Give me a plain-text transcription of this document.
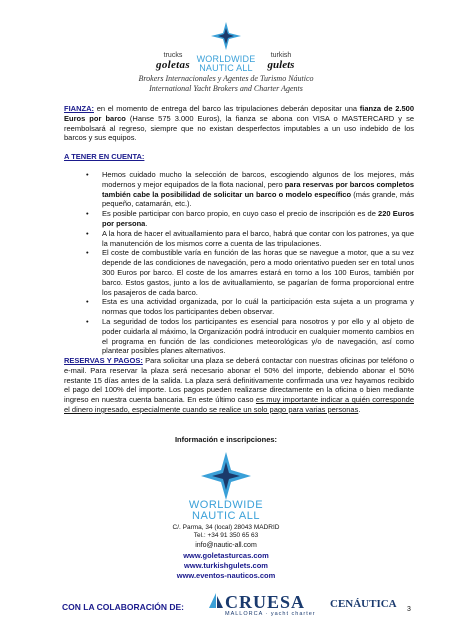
trucks
goletas WORLDWIDE
NAUTIC ALL
turkish
gulets
Brokers Internacionales y Agentes de Turismo Náutico
International Yacht Brokers and Charter Agents
FIANZA: en el momento de entrega del barco las tripulaciones deberán depositar una fianza de 2.500 Euros por barco (Hanse 575 3.000 Euros), la fianza se abona con VISA o MASTERCARD y se reembolsará al regreso, siempre que no existan desperfectos imputables a un uso indebido de los barcos y sus equipos.
A TENER EN CUENTA:
• Hemos cuidado mucho la selección de barcos, escogiendo algunos de los mejores, más modernos y mejor equipados de la flota nacional, pero para reservas por barcos completos también cabe la posibilidad de solicitar un barco o modelo específico (más grande, más pequeño, catamarán, etc.).
• Es posible participar con barco propio, en cuyo caso el precio de inscripción es de 220 Euros por persona.
• A la hora de hacer el avituallamiento para el barco, habrá que contar con los patrones, ya que la manutención de los mismos corre a cuenta de las tripulaciones.
• El coste de combustible varía en función de las horas que se navegue a motor, que a su vez depende de las condiciones de navegación, pero a modo orientativo pueden ser en total unos 300 Euros por barco. El coste de los amarres estará en torno a los 100 Euros, también por barco. Estos gastos, junto a los de avituallamiento, se pagarían de forma proporcional entre los pasajeros de cada barco.
• Esta es una actividad organizada, por lo cuál la participación esta sujeta a un programa y normas que todos los participantes deben observar.
• La seguridad de todos los participantes es esencial para nosotros y por ello y al objeto de poder cuidarla al máximo, la Organización podrá introducir en cualquier momento cambios en el programa en función de las condiciones meteorológicas y/o de navegación, así como plantear posibles planes alternativos.
RESERVAS Y PAGOS: Para solicitar una plaza se deberá contactar con nuestras oficinas por teléfono o e-mail. Para reservar la plaza será necesario abonar el 50% del importe, debiendo abonar el 50% restante 15 días antes de la salida. La plaza será definitivamente confirmada una vez hayamos recibido el pago del 100% del importe. Los pagos pueden realizarse directamente en la oficina o bien mediante ingreso en nuestra cuenta bancaria. En este último caso es muy importante indicar a quién corresponde el dinero ingresado, especialmente cuando se realice un solo pago para varias personas.
Información e inscripciones:
WORLDWIDE
NAUTIC ALL
C/. Parma, 34 (local) 28043 MADRID
Tel.: +34 91 350 65 63
info@nautic-all.com
www.goletasturcas.com
www.turkishgulets.com
www.eventos-nauticos.com
CON LA COLABORACIÓN DE: CRUESA
MALLORCA · yacht charter
CENÁUTICA 3
